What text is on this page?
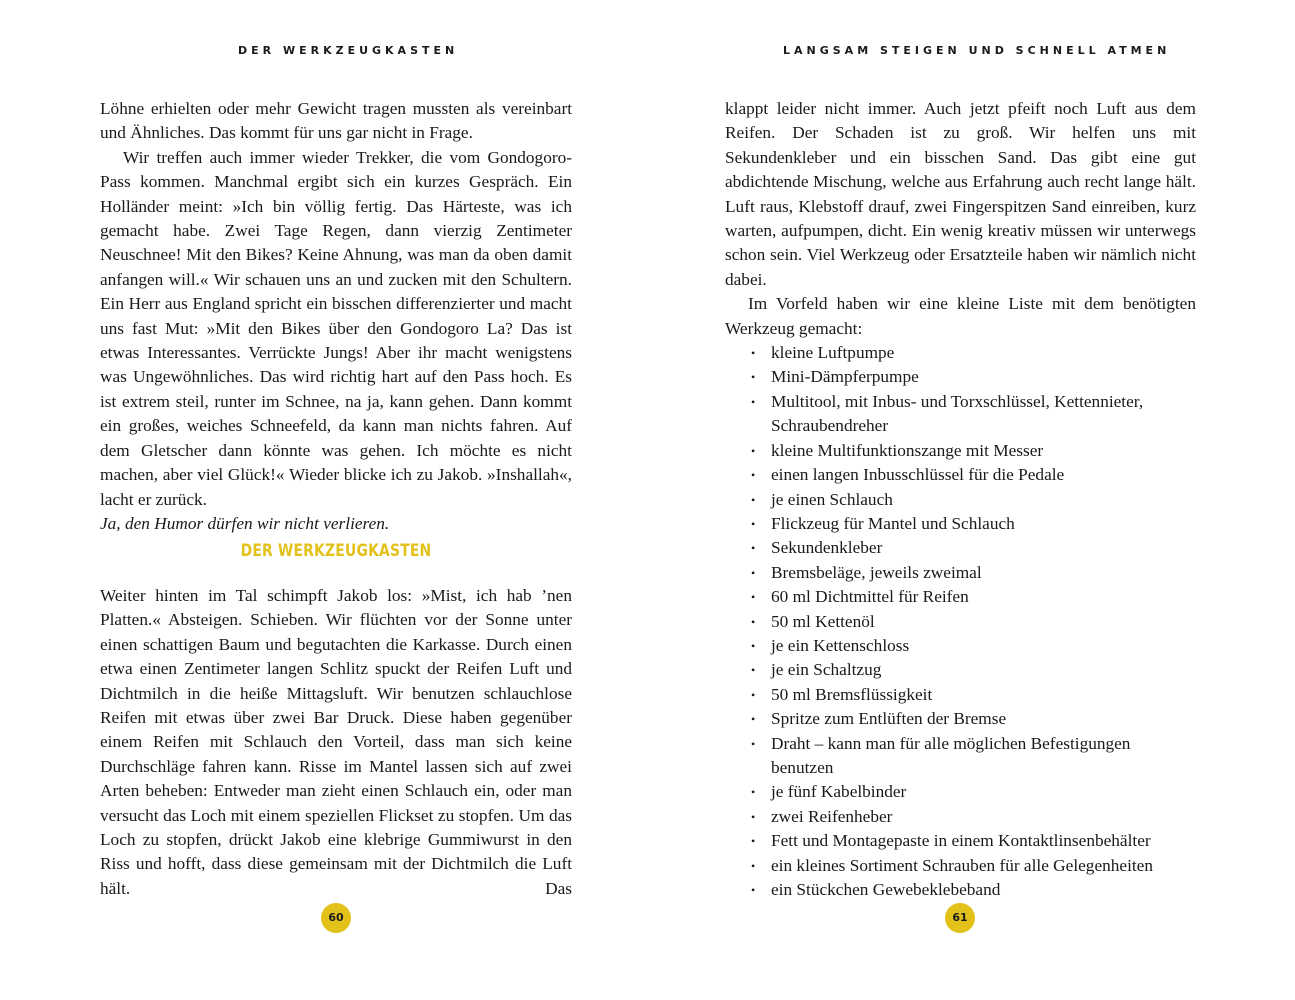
DER WERKZEUGKASTEN

Löhne erhielten oder mehr Gewicht tragen mussten als vereinbart und Ähnliches. Das kommt für uns gar nicht in Frage.

Wir treffen auch immer wieder Trekker, die vom Gondogoro-Pass kommen. Manchmal ergibt sich ein kurzes Gespräch. Ein Holländer meint: »Ich bin völlig fertig. Das Härteste, was ich gemacht habe. Zwei Tage Regen, dann vierzig Zentimeter Neuschnee! Mit den Bikes? Keine Ahnung, was man da oben damit anfangen will.« Wir schauen uns an und zucken mit den Schultern. Ein Herr aus England spricht ein bisschen differenzierter und macht uns fast Mut: »Mit den Bikes über den Gondogoro La? Das ist etwas Interessantes. Verrückte Jungs! Aber ihr macht wenigstens was Ungewöhnliches. Das wird richtig hart auf den Pass hoch. Es ist extrem steil, runter im Schnee, na ja, kann gehen. Dann kommt ein großes, weiches Schneefeld, da kann man nichts fahren. Auf dem Gletscher dann könnte was gehen. Ich möchte es nicht machen, aber viel Glück!« Wieder blicke ich zu Jakob. »Inshallah«, lacht er zurück.

Ja, den Humor dürfen wir nicht verlieren.

DER WERKZEUGKASTEN

Weiter hinten im Tal schimpft Jakob los: »Mist, ich hab ’nen Platten.« Absteigen. Schieben. Wir flüchten vor der Sonne unter einen schattigen Baum und begutachten die Karkasse. Durch einen etwa einen Zentimeter langen Schlitz spuckt der Reifen Luft und Dichtmilch in die heiße Mittagsluft. Wir benutzen schlauchlose Reifen mit etwas über zwei Bar Druck. Diese haben gegenüber einem Reifen mit Schlauch den Vorteil, dass man sich keine Durchschläge fahren kann. Risse im Mantel lassen sich auf zwei Arten beheben: Entweder man zieht einen Schlauch ein, oder man versucht das Loch mit einem speziellen Flickset zu stopfen. Um das Loch zu stopfen, drückt Jakob eine klebrige Gummiwurst in den Riss und hofft, dass diese gemeinsam mit der Dichtmilch die Luft hält. Das

60
LANGSAM STEIGEN UND SCHNELL ATMEN

klappt leider nicht immer. Auch jetzt pfeift noch Luft aus dem Reifen. Der Schaden ist zu groß. Wir helfen uns mit Sekundenkleber und ein bisschen Sand. Das gibt eine gut abdichtende Mischung, welche aus Erfahrung auch recht lange hält. Luft raus, Klebstoff drauf, zwei Fingerspitzen Sand einreiben, kurz warten, aufpumpen, dicht. Ein wenig kreativ müssen wir unterwegs schon sein. Viel Werkzeug oder Ersatzteile haben wir nämlich nicht dabei.

Im Vorfeld haben wir eine kleine Liste mit dem benötigten Werkzeug gemacht:

• kleine Luftpumpe
• Mini-Dämpferpumpe
• Multitool, mit Inbus- und Torxschlüssel, Kettennieter, Schraubendreher
• kleine Multifunktionszange mit Messer
• einen langen Inbusschlüssel für die Pedale
• je einen Schlauch
• Flickzeug für Mantel und Schlauch
• Sekundenkleber
• Bremsbeläge, jeweils zweimal
• 60 ml Dichtmittel für Reifen
• 50 ml Kettenöl
• je ein Kettenschloss
• je ein Schaltzug
• 50 ml Bremsflüssigkeit
• Spritze zum Entlüften der Bremse
• Draht – kann man für alle möglichen Befestigungen benutzen
• je fünf Kabelbinder
• zwei Reifenheber
• Fett und Montagepaste in einem Kontaktlinsenbehälter
• ein kleines Sortiment Schrauben für alle Gelegenheiten
• ein Stückchen Gewebeklebeband
61
